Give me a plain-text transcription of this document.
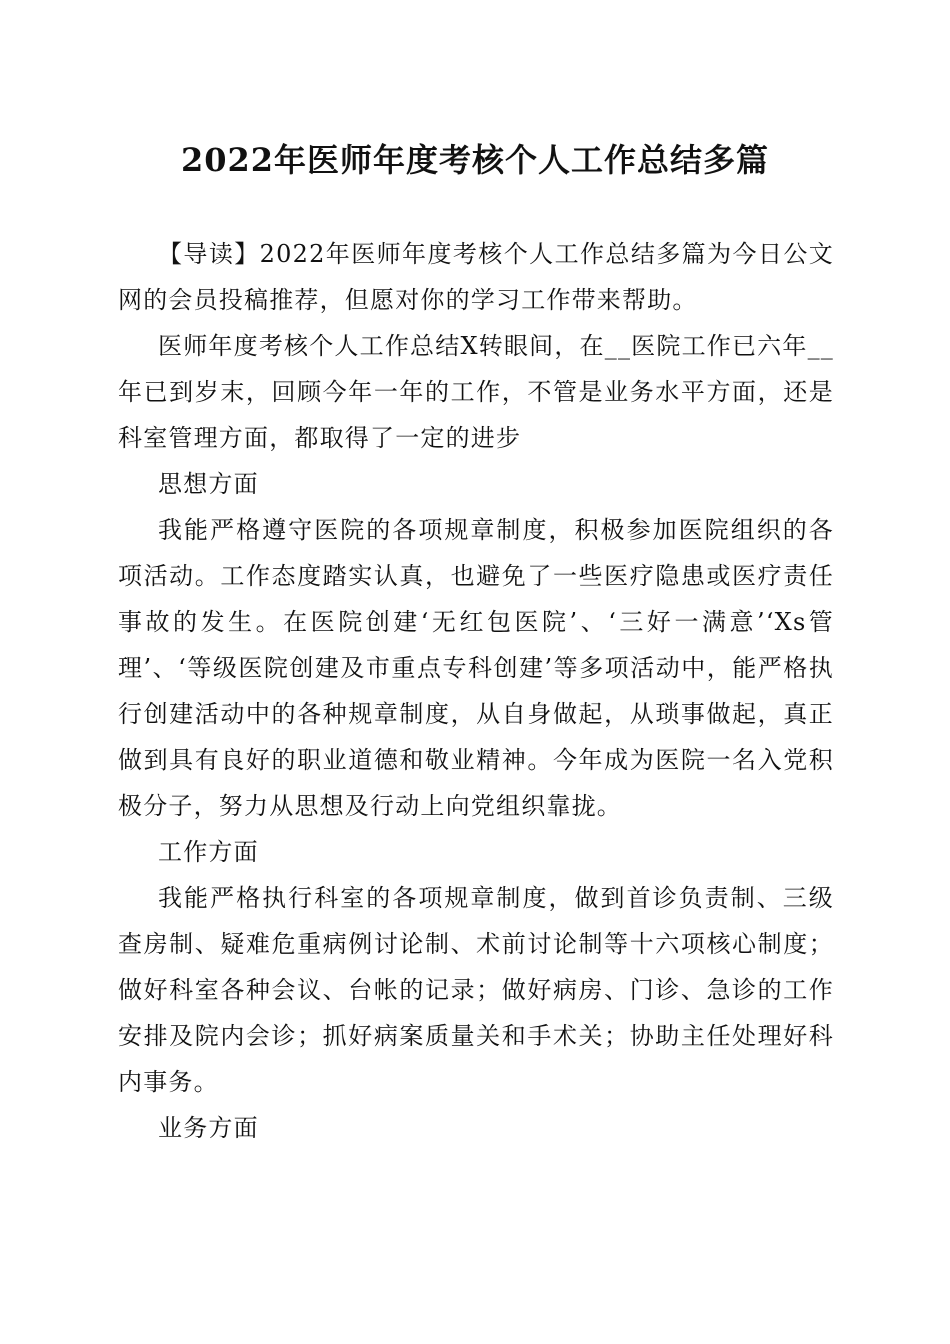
2022年医师年度考核个人工作总结多篇

【导读】2022年医师年度考核个人工作总结多篇为今日公文网的会员投稿推荐，但愿对你的学习工作带来帮助。

医师年度考核个人工作总结X转眼间，在__医院工作已六年__年已到岁末，回顾今年一年的工作，不管是业务水平方面，还是科室管理方面，都取得了一定的进步

思想方面

我能严格遵守医院的各项规章制度，积极参加医院组织的各项活动。工作态度踏实认真，也避免了一些医疗隐患或医疗责任事故的发生。在医院创建‘无红包医院’、‘三好一满意’‘Xs管理’、‘等级医院创建及市重点专科创建’等多项活动中，能严格执行创建活动中的各种规章制度，从自身做起，从琐事做起，真正做到具有良好的职业道德和敬业精神。今年成为医院一名入党积极分子，努力从思想及行动上向党组织靠拢。

工作方面

我能严格执行科室的各项规章制度，做到首诊负责制、三级查房制、疑难危重病例讨论制、术前讨论制等十六项核心制度；做好科室各种会议、台帐的记录；做好病房、门诊、急诊的工作安排及院内会诊；抓好病案质量关和手术关；协助主任处理好科内事务。

业务方面
